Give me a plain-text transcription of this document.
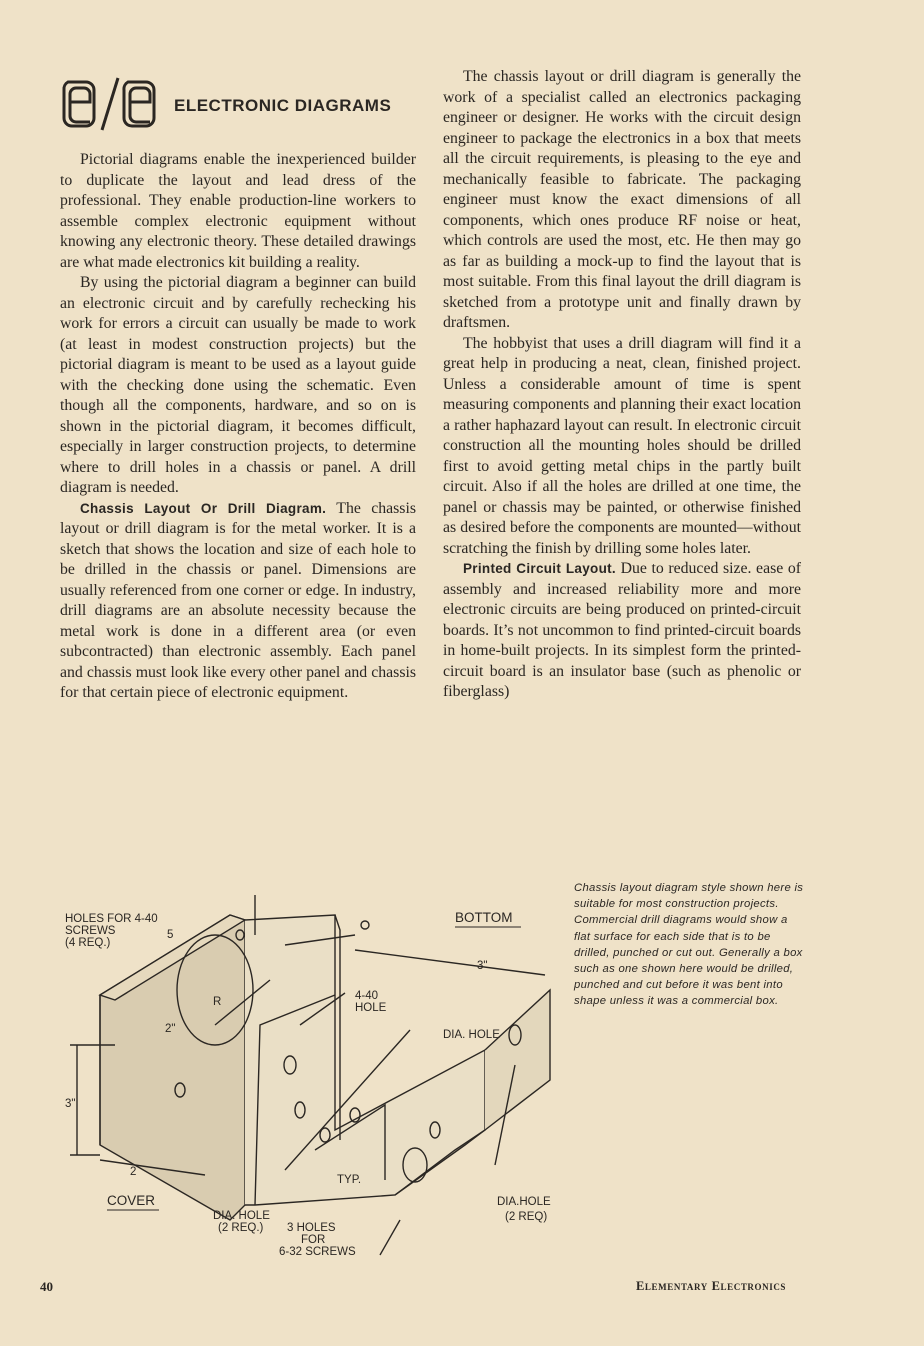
ELECTRONIC DIAGRAMS

Pictorial diagrams enable the inexperienced builder to duplicate the layout and lead dress of the professional. They enable production-line workers to assemble complex electronic equipment without knowing any electronic theory. These detailed drawings are what made electronics kit building a reality.

By using the pictorial diagram a beginner can build an electronic circuit and by carefully rechecking his work for errors a circuit can usually be made to work (at least in modest construction projects) but the pictorial diagram is meant to be used as a layout guide with the checking done using the schematic. Even though all the components, hardware, and so on is shown in the pictorial diagram, it becomes difficult, especially in larger construction projects, to determine where to drill holes in a chassis or panel. A drill diagram is needed.

Chassis Layout Or Drill Diagram. The chassis layout or drill diagram is for the metal worker. It is a sketch that shows the location and size of each hole to be drilled in the chassis or panel. Dimensions are usually referenced from one corner or edge. In industry, drill diagrams are an absolute necessity because the metal work is done in a different area (or even subcontracted) than electronic assembly. Each panel and chassis must look like every other panel and chassis for that certain piece of electronic equipment.

The chassis layout or drill diagram is generally the work of a specialist called an electronics packaging engineer or designer. He works with the circuit design engineer to package the electronics in a box that meets all the circuit requirements, is pleasing to the eye and mechanically feasible to fabricate. The packaging engineer must know the exact dimensions of all components, which ones produce RF noise or heat, which controls are used the most, etc. He then may go as far as building a mock-up to find the layout that is most suitable. From this final layout the drill diagram is sketched from a prototype unit and finally drawn by draftsmen.

The hobbyist that uses a drill diagram will find it a great help in producing a neat, clean, finished project. Unless a considerable amount of time is spent measuring components and planning their exact location a rather haphazard layout can result. In electronic circuit construction all the mounting holes should be drilled first to avoid getting metal chips in the partly built circuit. Also if all the holes are drilled at one time, the panel or chassis may be painted, or otherwise finished as desired before the components are mounted—without scratching the finish by drilling some holes later.

Printed Circuit Layout. Due to reduced size. ease of assembly and increased reliability more and more electronic circuits are being produced on printed-circuit boards. It’s not uncommon to find printed-circuit boards in home-built projects. In its simplest form the printed-circuit board is an insulator base (such as phenolic or fiberglass)

HOLES FOR 4-40
SCREWS
(4 REQ.)
BOTTOM
COVER
4-40
HOLE
DIA. HOLE
TYP.
DIA. HOLE
(2 REQ.) 3 HOLES
FOR
6-32 SCREWS
DIA.HOLE
(2 REQ)
R
5
3"
2"
3"
2
Chassis layout diagram style shown here is suitable for most construction projects. Commercial drill diagrams would show a flat surface for each side that is to be drilled, punched or cut out. Generally a box such as one shown here would be drilled, punched and cut before it was bent into shape unless it was a commercial box.
40	Elementary Electronics
